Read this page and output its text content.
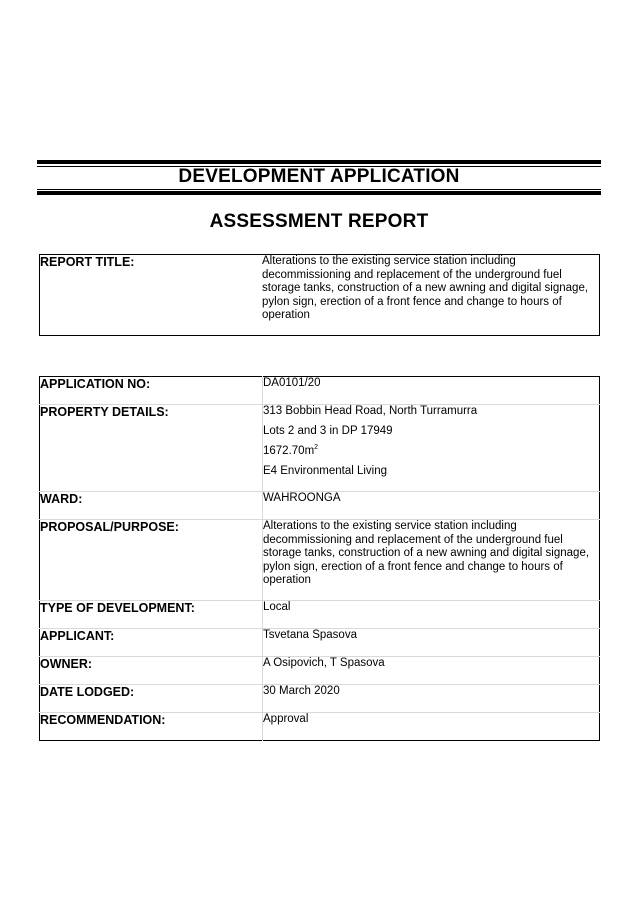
DEVELOPMENT APPLICATION
ASSESSMENT REPORT
REPORT TITLE:	Alterations to the existing service station including decommissioning and replacement of the underground fuel storage tanks, construction of a new awning and digital signage, pylon sign, erection of a front fence and change to hours of operation
APPLICATION NO:	DA0101/20
PROPERTY DETAILS:	313 Bobbin Head Road, North Turramurra
Lots 2 and 3 in DP 17949
$1672.70m^2$
E4 Environmental Living

WARD:	WAHROONGA
PROPOSAL/PURPOSE:	Alterations to the existing service station including decommissioning and replacement of the underground fuel storage tanks, construction of a new awning and digital signage, pylon sign, erection of a front fence and change to hours of operation
TYPE OF DEVELOPMENT:	Local
APPLICANT:	Tsvetana Spasova
OWNER:	A Osipovich, T Spasova
DATE LODGED:	30 March 2020
RECOMMENDATION:	Approval
